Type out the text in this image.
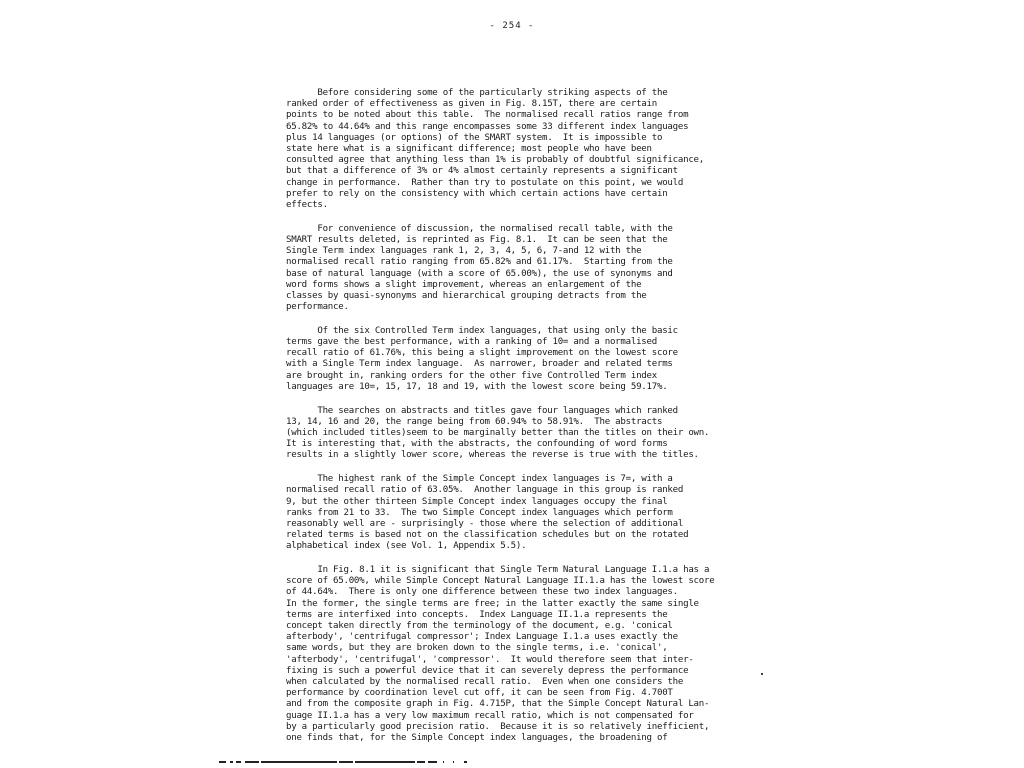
- 254 -
Before considering some of the particularly striking aspects of the
ranked order of effectiveness as given in Fig. 8.15T, there are certain
points to be noted about this table.  The normalised recall ratios range from
65.82% to 44.64% and this range encompasses some 33 different index languages
plus 14 languages (or options) of the SMART system.  It is impossible to
state here what is a significant difference; most people who have been
consulted agree that anything less than 1% is probably of doubtful significance,
but that a difference of 3% or 4% almost certainly represents a significant
change in performance.  Rather than try to postulate on this point, we would
prefer to rely on the consistency with which certain actions have certain
effects.
For convenience of discussion, the normalised recall table, with the
SMART results deleted, is reprinted as Fig. 8.1.  It can be seen that the
Single Term index languages rank 1, 2, 3, 4, 5, 6, 7-and 12 with the
normalised recall ratio ranging from 65.82% and 61.17%.  Starting from the
base of natural language (with a score of 65.00%), the use of synonyms and
word forms shows a slight improvement, whereas an enlargement of the
classes by quasi-synonyms and hierarchical grouping detracts from the
performance.
Of the six Controlled Term index languages, that using only the basic
terms gave the best performance, with a ranking of 10= and a normalised
recall ratio of 61.76%, this being a slight improvement on the lowest score
with a Single Term index language.  As narrower, broader and related terms
are brought in, ranking orders for the other five Controlled Term index
languages are 10=, 15, 17, 18 and 19, with the lowest score being 59.17%.
The searches on abstracts and titles gave four languages which ranked
13, 14, 16 and 20, the range being from 60.94% to 58.91%.  The abstracts
(which included titles)seem to be marginally better than the titles on their own.
It is interesting that, with the abstracts, the confounding of word forms
results in a slightly lower score, whereas the reverse is true with the titles.
The highest rank of the Simple Concept index languages is 7=, with a
normalised recall ratio of 63.05%.  Another language in this group is ranked
9, but the other thirteen Simple Concept index languages occupy the final
ranks from 21 to 33.  The two Simple Concept index languages which perform
reasonably well are - surprisingly - those where the selection of additional
related terms is based not on the classification schedules but on the rotated
alphabetical index (see Vol. 1, Appendix 5.5).
In Fig. 8.1 it is significant that Single Term Natural Language I.1.a has a
score of 65.00%, while Simple Concept Natural Language II.1.a has the lowest score
of 44.64%.  There is only one difference between these two index languages.
In the former, the single terms are free; in the latter exactly the same single
terms are interfixed into concepts.  Index Language II.1.a represents the
concept taken directly from the terminology of the document, e.g. 'conical
afterbody', 'centrifugal compressor'; Index Language I.1.a uses exactly the
same words, but they are broken down to the single terms, i.e. 'conical',
'afterbody', 'centrifugal', 'compressor'.  It would therefore seem that inter-
fixing is such a powerful device that it can severely depress the performance
when calculated by the normalised recall ratio.  Even when one considers the
performance by coordination level cut off, it can be seen from Fig. 4.700T
and from the composite graph in Fig. 4.715P, that the Simple Concept Natural Lan-
guage II.1.a has a very low maximum recall ratio, which is not compensated for
by a particularly good precision ratio.  Because it is so relatively inefficient,
one finds that, for the Simple Concept index languages, the broadening of
